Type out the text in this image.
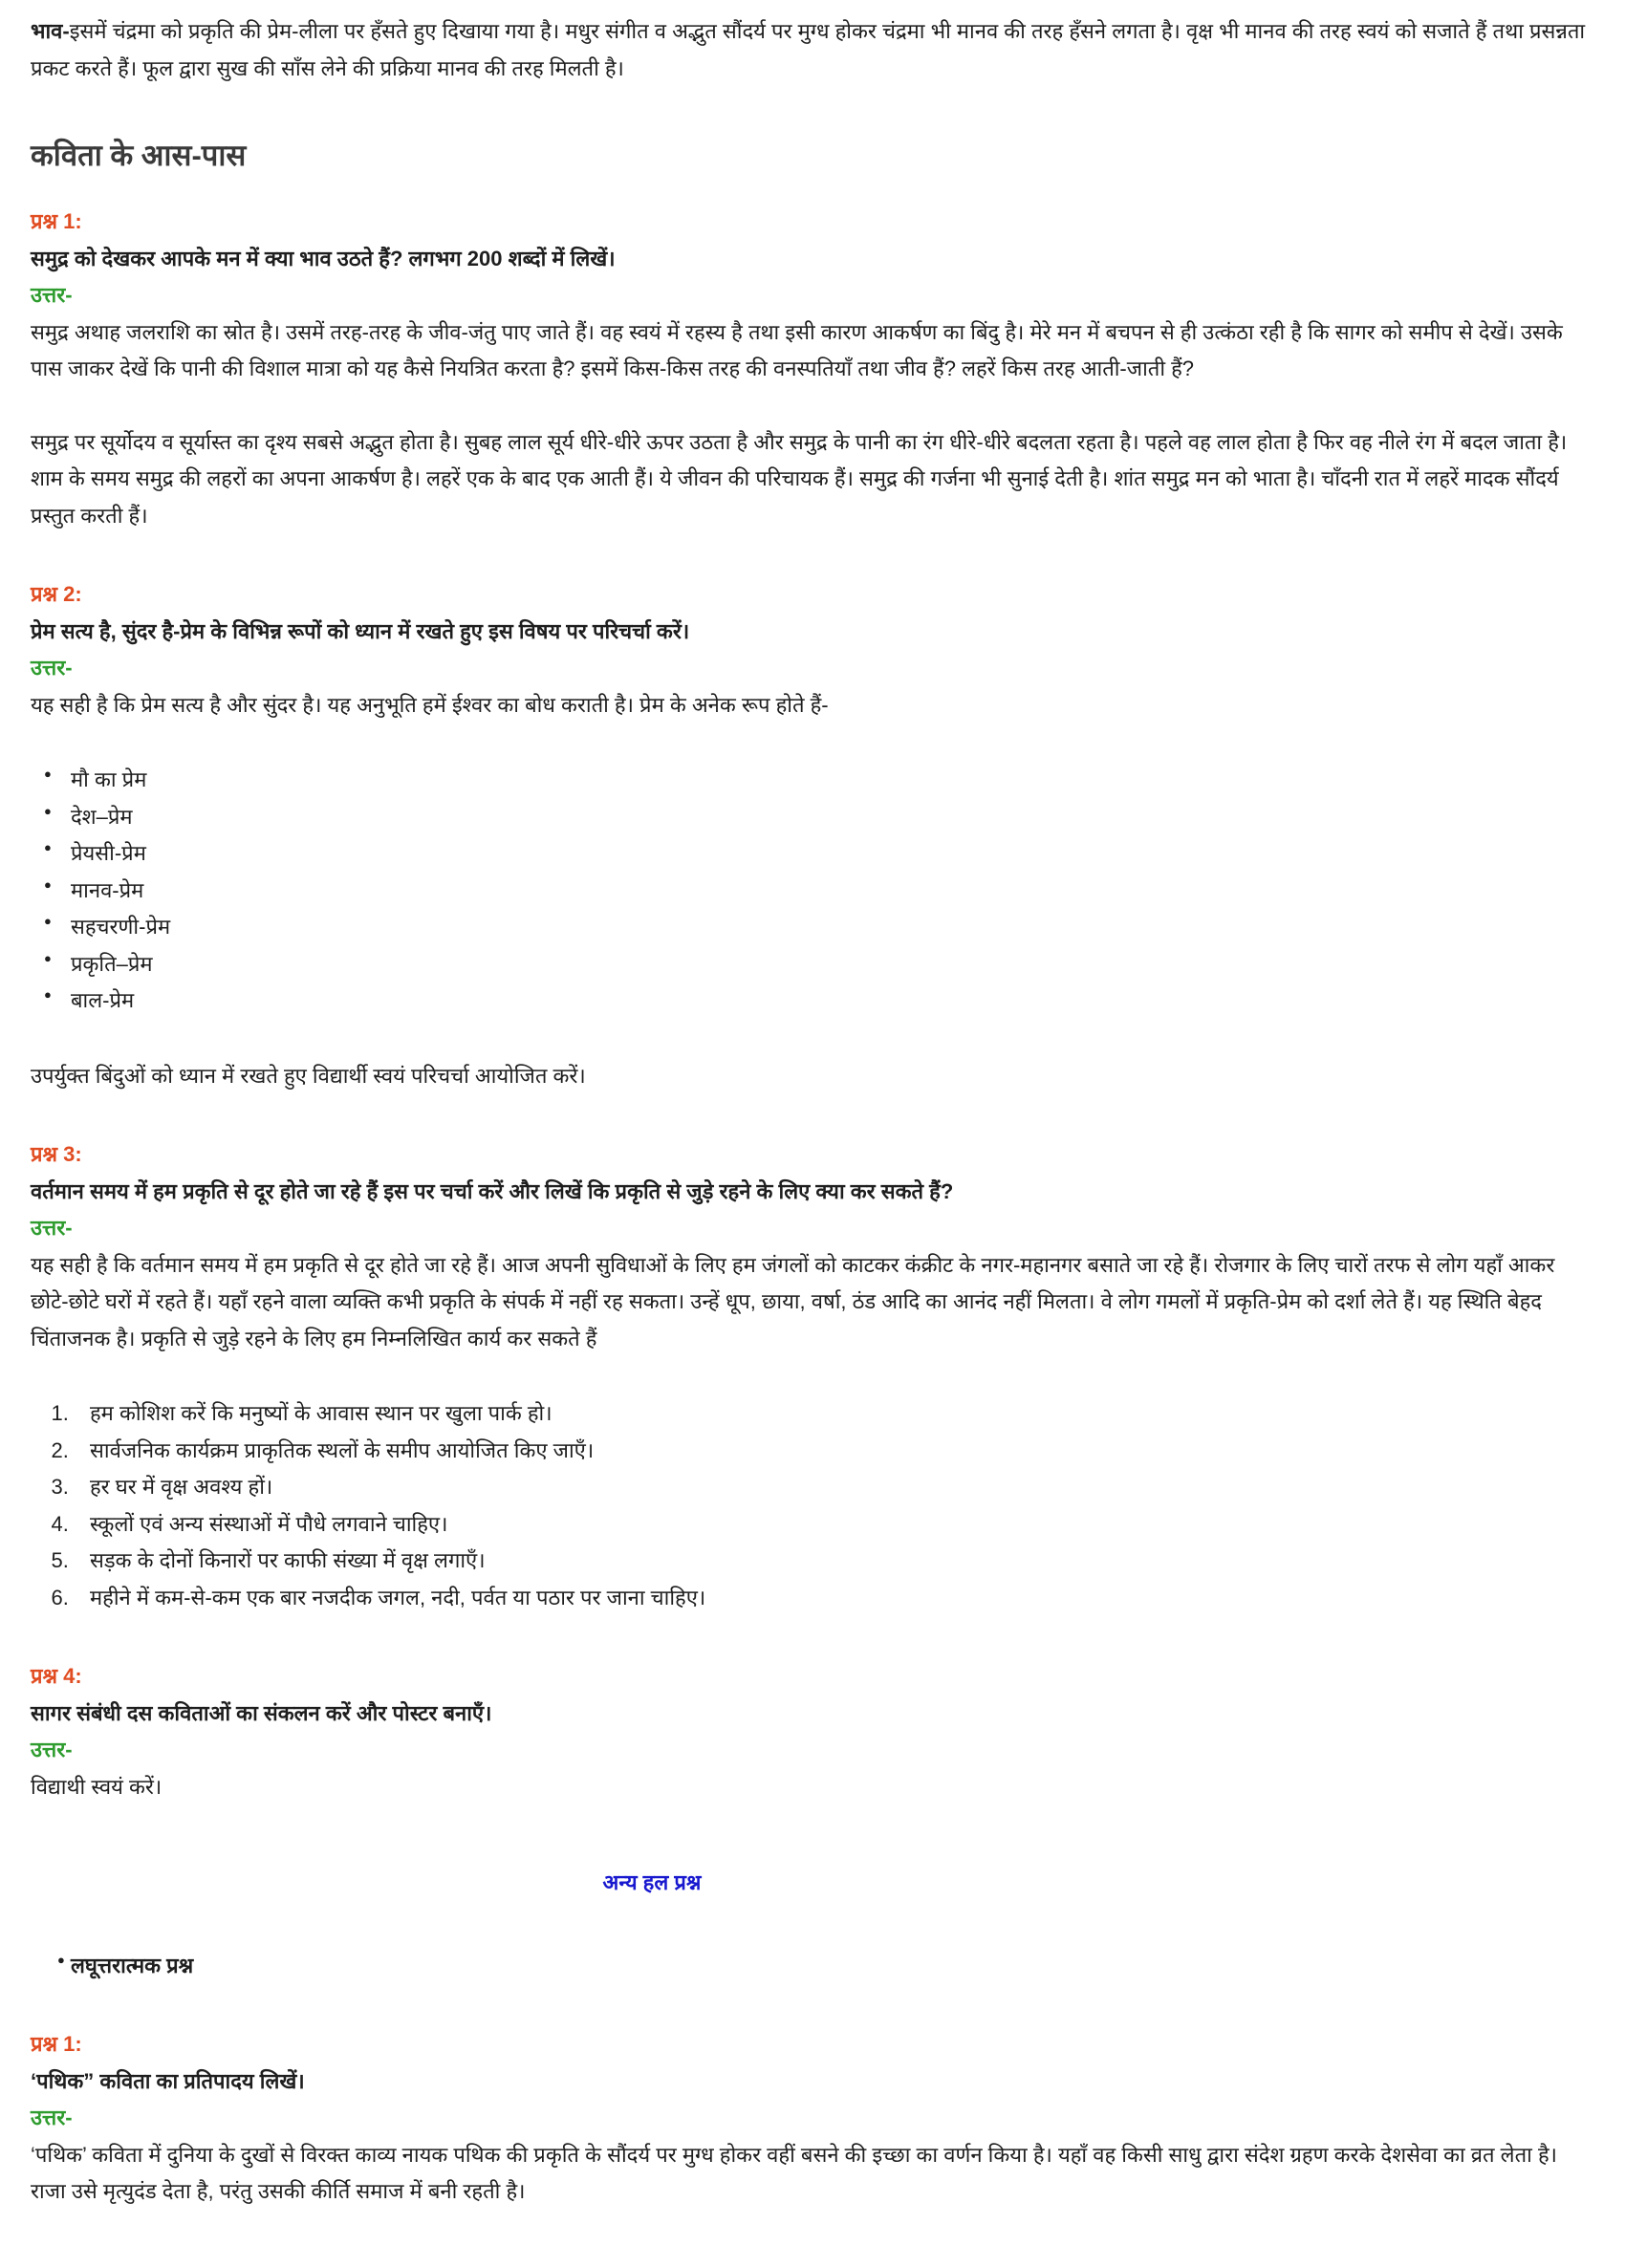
भाव-इसमें चंद्रमा को प्रकृति की प्रेम-लीला पर हँसते हुए दिखाया गया है। मधुर संगीत व अद्भुत सौंदर्य पर मुग्ध होकर चंद्रमा भी मानव की तरह हँसने लगता है। वृक्ष भी मानव की तरह स्वयं को सजाते हैं तथा प्रसन्नता प्रकट करते हैं। फूल द्वारा सुख की साँस लेने की प्रक्रिया मानव की तरह मिलती है।

कविता के आस-पास

प्रश्न 1:

समुद्र को देखकर आपके मन में क्या भाव उठते हैं? लगभग 200 शब्दों में लिखें।

उत्तर-

समुद्र अथाह जलराशि का स्रोत है। उसमें तरह-तरह के जीव-जंतु पाए जाते हैं। वह स्वयं में रहस्य है तथा इसी कारण आकर्षण का बिंदु है। मेरे मन में बचपन से ही उत्कंठा रही है कि सागर को समीप से देखें। उसके पास जाकर देखें कि पानी की विशाल मात्रा को यह कैसे नियत्रित करता है? इसमें किस-किस तरह की वनस्पतियाँ तथा जीव हैं? लहरें किस तरह आती-जाती हैं?

समुद्र पर सूर्योदय व सूर्यास्त का दृश्य सबसे अद्भुत होता है। सुबह लाल सूर्य धीरे-धीरे ऊपर उठता है और समुद्र के पानी का रंग धीरे-धीरे बदलता रहता है। पहले वह लाल होता है फिर वह नीले रंग में बदल जाता है। शाम के समय समुद्र की लहरों का अपना आकर्षण है। लहरें एक के बाद एक आती हैं। ये जीवन की परिचायक हैं। समुद्र की गर्जना भी सुनाई देती है। शांत समुद्र मन को भाता है। चाँदनी रात में लहरें मादक सौंदर्य प्रस्तुत करती हैं।

प्रश्न 2:

प्रेम सत्य है, सुंदर है-प्रेम के विभिन्न रूपों को ध्यान में रखते हुए इस विषय पर परिचर्चा करें।

उत्तर-

यह सही है कि प्रेम सत्य है और सुंदर है। यह अनुभूति हमें ईश्वर का बोध कराती है। प्रेम के अनेक रूप होते हैं-

● मौ का प्रेम
● देश–प्रेम
● प्रेयसी-प्रेम
● मानव-प्रेम
● सहचरणी-प्रेम
● प्रकृति–प्रेम
● बाल-प्रेम

उपर्युक्त बिंदुओं को ध्यान में रखते हुए विद्यार्थी स्वयं परिचर्चा आयोजित करें।

प्रश्न 3:

वर्तमान समय में हम प्रकृति से दूर होते जा रहे हैं इस पर चर्चा करें और लिखें कि प्रकृति से जुड़े रहने के लिए क्या कर सकते हैं?

उत्तर-

यह सही है कि वर्तमान समय में हम प्रकृति से दूर होते जा रहे हैं। आज अपनी सुविधाओं के लिए हम जंगलों को काटकर कंक्रीट के नगर-महानगर बसाते जा रहे हैं। रोजगार के लिए चारों तरफ से लोग यहाँ आकर छोटे-छोटे घरों में रहते हैं। यहाँ रहने वाला व्यक्ति कभी प्रकृति के संपर्क में नहीं रह सकता। उन्हें धूप, छाया, वर्षा, ठंड आदि का आनंद नहीं मिलता। वे लोग गमलों में प्रकृति-प्रेम को दर्शा लेते हैं। यह स्थिति बेहद चिंताजनक है। प्रकृति से जुड़े रहने के लिए हम निम्नलिखित कार्य कर सकते हैं

1. हम कोशिश करें कि मनुष्यों के आवास स्थान पर खुला पार्क हो।
2. सार्वजनिक कार्यक्रम प्राकृतिक स्थलों के समीप आयोजित किए जाएँ।
3. हर घर में वृक्ष अवश्य हों।
4. स्कूलों एवं अन्य संस्थाओं में पौधे लगवाने चाहिए।
5. सड़क के दोनों किनारों पर काफी संख्या में वृक्ष लगाएँ।
6. महीने में कम-से-कम एक बार नजदीक जगल, नदी, पर्वत या पठार पर जाना चाहिए।

प्रश्न 4:

सागर संबंधी दस कविताओं का संकलन करें और पोस्टर बनाएँ।

उत्तर-

विद्याथी स्वयं करें।

अन्य हल प्रश्न

● लघूत्तरात्मक प्रश्न

प्रश्न 1:

‘पथिक” कविता का प्रतिपादय लिखें।

उत्तर-

‘पथिक’ कविता में दुनिया के दुखों से विरक्त काव्य नायक पथिक की प्रकृति के सौंदर्य पर मुग्ध होकर वहीं बसने की इच्छा का वर्णन किया है। यहाँ वह किसी साधु द्वारा संदेश ग्रहण करके देशसेवा का व्रत लेता है। राजा उसे मृत्युदंड देता है, परंतु उसकी कीर्ति समाज में बनी रहती है।
